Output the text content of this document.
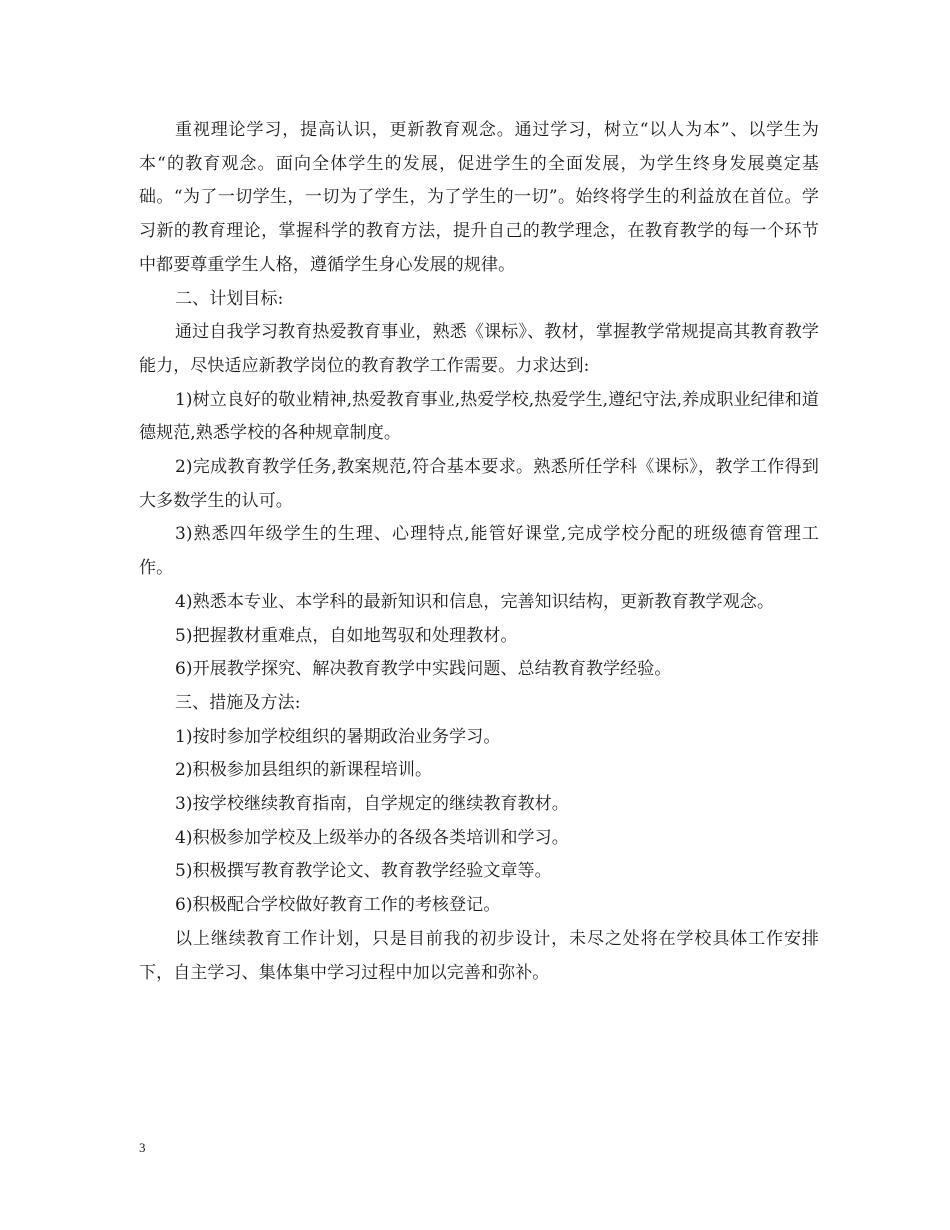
重视理论学习，提高认识，更新教育观念。通过学习，树立“以人为本”、以学生为本“的教育观念。面向全体学生的发展，促进学生的全面发展，为学生终身发展奠定基础。“为了一切学生，一切为了学生，为了学生的一切”。始终将学生的利益放在首位。学习新的教育理论，掌握科学的教育方法，提升自己的教学理念，在教育教学的每一个环节中都要尊重学生人格，遵循学生身心发展的规律。

二、计划目标:

通过自我学习教育热爱教育事业，熟悉《课标》、教材，掌握教学常规提高其教育教学能力，尽快适应新教学岗位的教育教学工作需要。力求达到:

1)树立良好的敬业精神,热爱教育事业,热爱学校,热爱学生,遵纪守法,养成职业纪律和道德规范,熟悉学校的各种规章制度。

2)完成教育教学任务,教案规范,符合基本要求。熟悉所任学科《课标》，教学工作得到大多数学生的认可。

3)熟悉四年级学生的生理、心理特点,能管好课堂,完成学校分配的班级德育管理工作。

4)熟悉本专业、本学科的最新知识和信息，完善知识结构，更新教育教学观念。

5)把握教材重难点，自如地驾驭和处理教材。

6)开展教学探究、解决教育教学中实践问题、总结教育教学经验。

三、措施及方法:

1)按时参加学校组织的暑期政治业务学习。

2)积极参加县组织的新课程培训。

3)按学校继续教育指南，自学规定的继续教育教材。

4)积极参加学校及上级举办的各级各类培训和学习。

5)积极撰写教育教学论文、教育教学经验文章等。

6)积极配合学校做好教育工作的考核登记。

以上继续教育工作计划，只是目前我的初步设计，未尽之处将在学校具体工作安排下，自主学习、集体集中学习过程中加以完善和弥补。

3
